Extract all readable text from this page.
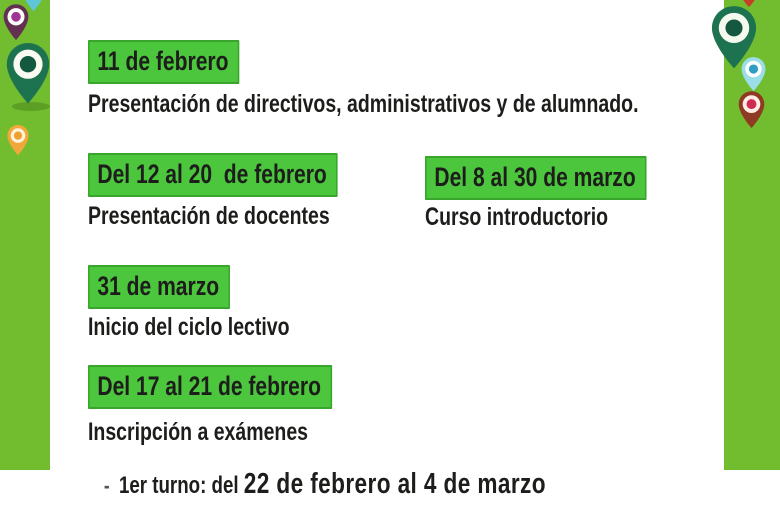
11 de febrero
Presentación de directivos, administrativos y de alumnado.
Del 12 al 20  de febrero
Presentación de docentes
Del 8 al 30 de marzo
Curso introductorio
31 de marzo
Inicio del ciclo lectivo
Del 17 al 21 de febrero
Inscripción a exámenes

- 1er turno: del 22 de febrero al 4 de marzo
